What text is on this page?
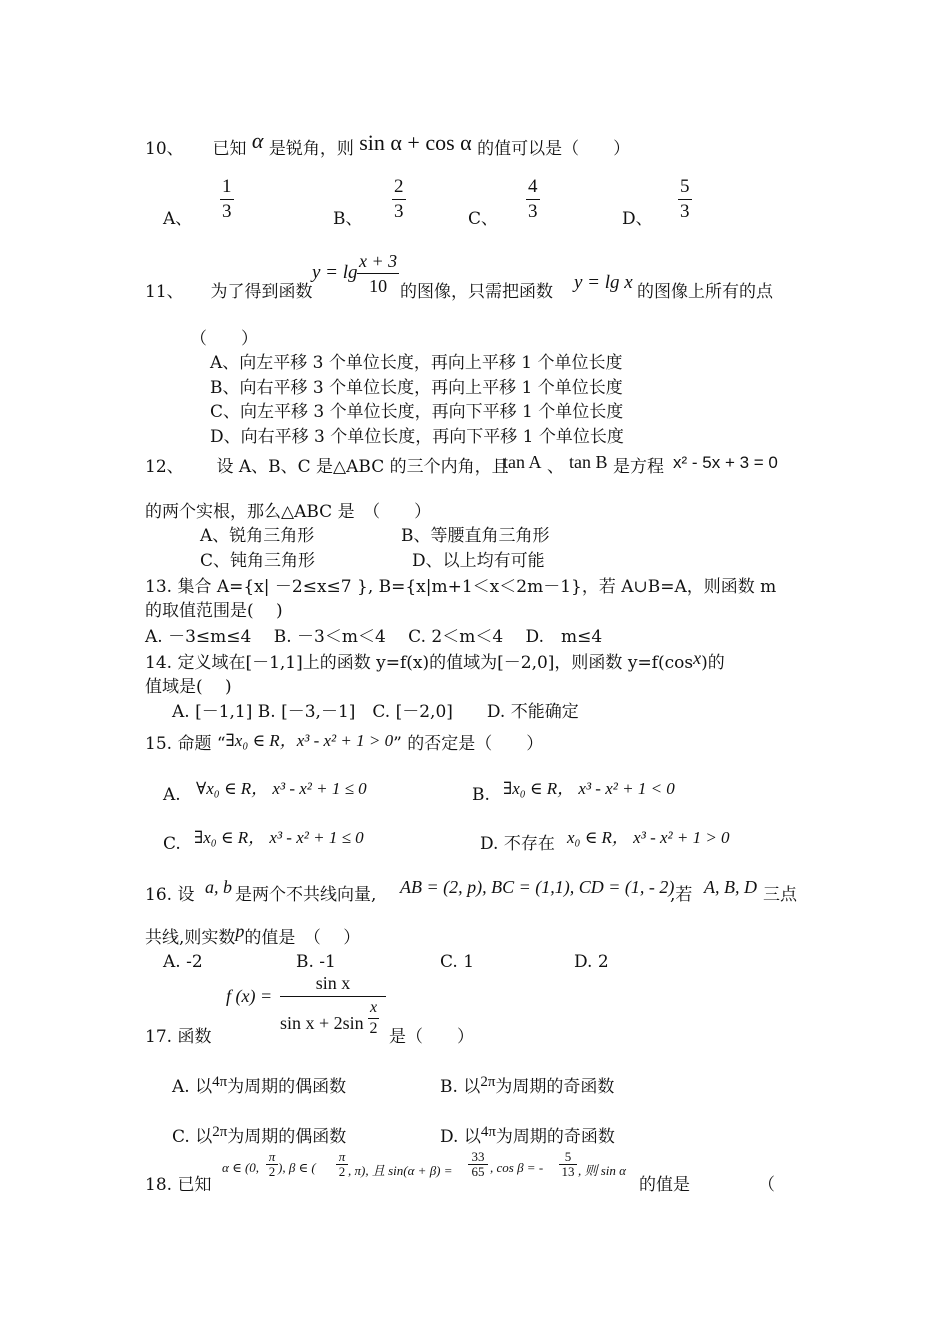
10、 已知 α 是锐角，则 sin α + cos α 的值可以是（　　）
A、
1
3	B、
2
3	C、
4
3	D、
5
3
y = lg
x + 3
10
11、 为了得到函数	的图像，只需把函数 y = lg x 的图像上所有的点
（　　）
A、向左平移 3 个单位长度，再向上平移 1 个单位长度
B、向右平移 3 个单位长度，再向上平移 1 个单位长度
C、向左平移 3 个单位长度，再向下平移 1 个单位长度
D、向右平移 3 个单位长度，再向下平移 1 个单位长度
12、 设 A、B、C 是△ABC 的三个内角，且
tan A 、 tan B 是方程 x² - 5x + 3 = 0
的两个实根，那么△ABC 是　（　　）
A、锐角三角形	B、等腰直角三角形
C、钝角三角形	D、以上均有可能
13. 集合 A={x| －2≤x≤7 }, B={x|m+1＜x＜2m－1}，若 A∪B=A，则函数 m
的取值范围是(　 )
A. －3≤m≤4　 B. －3＜m＜4　 C. 2＜m＜4　 D.　m≤4
14. 定义域在[－1,1]上的函数 y=f(x)的值域为[－2,0]，则函数 y=f(cosx)的
值域是(　 )
A. [－1,1] B. [－3,－1]　C. [－2,0]　　D. 不能确定
15. 命题 “∃x₀ ∈ R，x³ - x² + 1 > 0” 的否定是（　　）
A. ∀x₀ ∈ R， x³ - x² + 1 ≤ 0	B. ∃x₀ ∈ R， x³ - x² + 1 < 0
C. ∃x₀ ∈ R， x³ - x² + 1 ≤ 0	D. 不存在 x₀ ∈ R， x³ - x² + 1 > 0
16. 设 a, b 是两个不共线向量, AB = (2, p), BC = (1,1), CD = (1, - 2)
,若 A, B, D 三点
共线,则实数p的值是　（　 ）
A. -2	B. -1	C. 1	D. 2
f (x) =
sin x
sin x + 2sin
x
2
17. 函数	是（　　）
A. 以4π为周期的偶函数	B. 以2π为周期的奇函数
C. 以2π为周期的偶函数	D. 以4π为周期的奇函数
18. 已知
α ∈ (0,
π
2 ), β ∈ (
π
2 , π), 且 sin(α + β) =
33
65 , cos β = -
5
13 , 则 sin α
的值是	（
